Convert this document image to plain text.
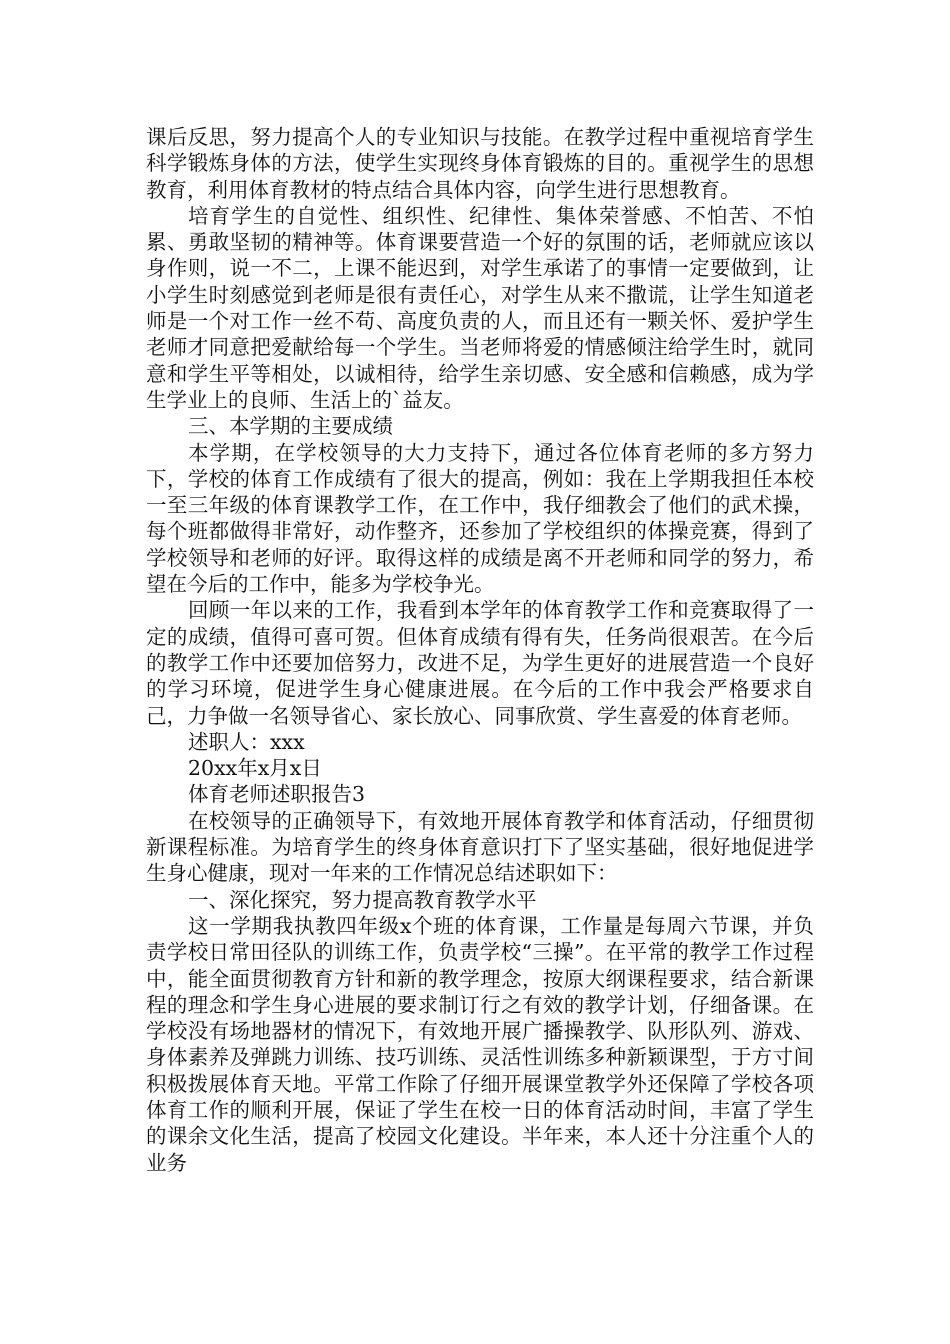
课后反思，努力提高个人的专业知识与技能。在教学过程中重视培育学生科学锻炼身体的方法，使学生实现终身体育锻炼的目的。重视学生的思想教育，利用体育教材的特点结合具体内容，向学生进行思想教育。

培育学生的自觉性、组织性、纪律性、集体荣誉感、不怕苦、不怕累、勇敢坚韧的精神等。体育课要营造一个好的氛围的话，老师就应该以身作则，说一不二，上课不能迟到，对学生承诺了的事情一定要做到，让小学生时刻感觉到老师是很有责任心，对学生从来不撒谎，让学生知道老师是一个对工作一丝不苟、高度负责的人，而且还有一颗关怀、爱护学生老师才同意把爱献给每一个学生。当老师将爱的情感倾注给学生时，就同意和学生平等相处，以诚相待，给学生亲切感、安全感和信赖感，成为学生学业上的良师、生活上的`益友。

三、本学期的主要成绩

本学期，在学校领导的大力支持下，通过各位体育老师的多方努力下，学校的体育工作成绩有了很大的提高，例如：我在上学期我担任本校一至三年级的体育课教学工作，在工作中，我仔细教会了他们的武术操，每个班都做得非常好，动作整齐，还参加了学校组织的体操竞赛，得到了学校领导和老师的好评。取得这样的成绩是离不开老师和同学的努力，希望在今后的工作中，能多为学校争光。

回顾一年以来的工作，我看到本学年的体育教学工作和竞赛取得了一定的成绩，值得可喜可贺。但体育成绩有得有失，任务尚很艰苦。在今后的教学工作中还要加倍努力，改进不足，为学生更好的进展营造一个良好的学习环境，促进学生身心健康进展。在今后的工作中我会严格要求自己，力争做一名领导省心、家长放心、同事欣赏、学生喜爱的体育老师。

述职人：xxx

20xx年x月x日

体育老师述职报告3

在校领导的正确领导下，有效地开展体育教学和体育活动，仔细贯彻新课程标准。为培育学生的终身体育意识打下了坚实基础，很好地促进学生身心健康，现对一年来的工作情况总结述职如下：

一、深化探究，努力提高教育教学水平

这一学期我执教四年级x个班的体育课，工作量是每周六节课，并负责学校日常田径队的训练工作，负责学校“三操”。在平常的教学工作过程中，能全面贯彻教育方针和新的教学理念，按原大纲课程要求，结合新课程的理念和学生身心进展的要求制订行之有效的教学计划，仔细备课。在学校没有场地器材的情况下，有效地开展广播操教学、队形队列、游戏、身体素养及弹跳力训练、技巧训练、灵活性训练多种新颖课型，于方寸间积极拨展体育天地。平常工作除了仔细开展课堂教学外还保障了学校各项体育工作的顺利开展，保证了学生在校一日的体育活动时间，丰富了学生的课余文化生活，提高了校园文化建设。半年来，本人还十分注重个人的业务
